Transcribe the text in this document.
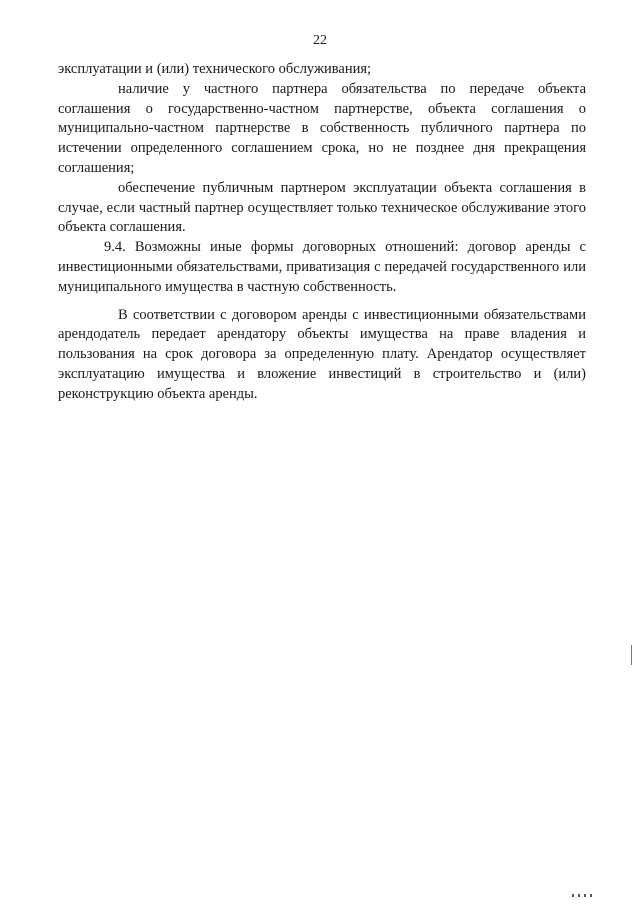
22

эксплуатации и (или) технического обслуживания;

наличие у частного партнера обязательства по передаче объекта соглашения о государственно-частном партнерстве, объекта соглашения о муниципально-частном партнерстве в собственность публичного партнера по истечении определенного соглашением срока, но не позднее дня прекращения соглашения;

обеспечение публичным партнером эксплуатации объекта соглашения в случае, если частный партнер осуществляет только техническое обслуживание этого объекта соглашения.

9.4. Возможны иные формы договорных отношений: договор аренды с инвестиционными обязательствами, приватизация с передачей государственного или муниципального имущества в частную собственность.

В соответствии с договором аренды с инвестиционными обязательствами арендодатель передает арендатору объекты имущества на праве владения и пользования на срок договора за определенную плату. Арендатор осуществляет эксплуатацию имущества и вложение инвестиций в строительство и (или) реконструкцию объекта аренды.
